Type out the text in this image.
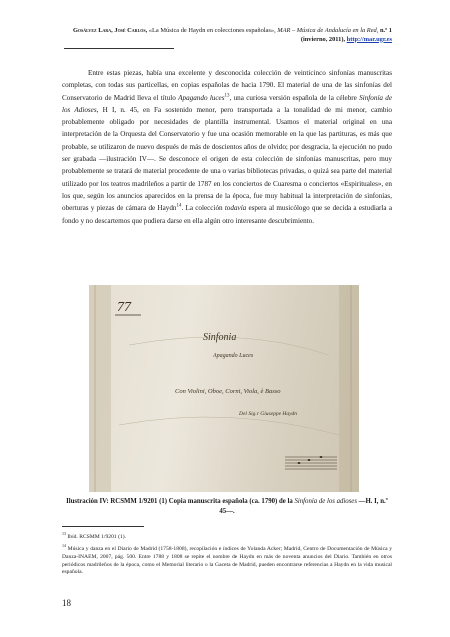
Gosálvez Lara, José Carlos, «La Música de Haydn en colecciones españolas», MAR – Música de Andalucía en la Red, n.º 1 (invierno, 2011), http://mar.ugr.es

Entre estas piezas, había una excelente y desconocida colección de veinticinco sinfonías manuscritas completas, con todas sus particellas, en copias españolas de hacia 1790. El material de una de las sinfonías del Conservatorio de Madrid lleva el título Apagando luces$^{13}$, una curiosa versión española de la célebre Sinfonía de los Adioses, H I, n. 45, en Fa sostenido menor, pero transportada a la tonalidad de mi menor, cambio probablemente obligado por necesidades de plantilla instrumental. Usamos el material original en una interpretación de la Orquesta del Conservatorio y fue una ocasión memorable en la que las partituras, es más que probable, se utilizaron de nuevo después de más de doscientos años de olvido; por desgracia, la ejecución no pudo ser grabada —ilustración IV—. Se desconoce el origen de esta colección de sinfonías manuscritas, pero muy probablemente se tratará de material procedente de una o varias bibliotecas privadas, o quizá sea parte del material utilizado por los teatros madrileños a partir de 1787 en los conciertos de Cuaresma o conciertos «Espirituales», en los que, según los anuncios aparecidos en la prensa de la época, fue muy habitual la interpretación de sinfonías, oberturas y piezas de cámara de Haydn$^{14}$. La colección todavía espera al musicólogo que se decida a estudiarla a fondo y no descartemos que pudiera darse en ella algún otro interesante descubrimiento.

77
Sinfonia
Apagando Luces
Con Violini, Oboe, Corni, Viola, è Basso
Del Sig.r Giuseppe Haydn
Ilustración IV: RCSMM 1/9201 (1) Copia manuscrita española (ca. 1790) de la Sinfonía de los adioses —H. I, n.º 45—.

$^{13}$ Ibíd. RCSMM 1/9201 (1).

$^{14}$ Música y danza en el Diario de Madrid (1758-1808), recopilación e índices de Yolanda Acker; Madrid, Centro de Documentación de Música y Danza-INAEM, 2007, pág. 500. Entre 1788 y 1808 se repite el nombre de Haydn en más de noventa anuncios del Diario. También en otros periódicos madrileños de la época, como el Memorial literario o la Gaceta de Madrid, pueden encontrarse referencias a Haydn en la vida musical española.

18
